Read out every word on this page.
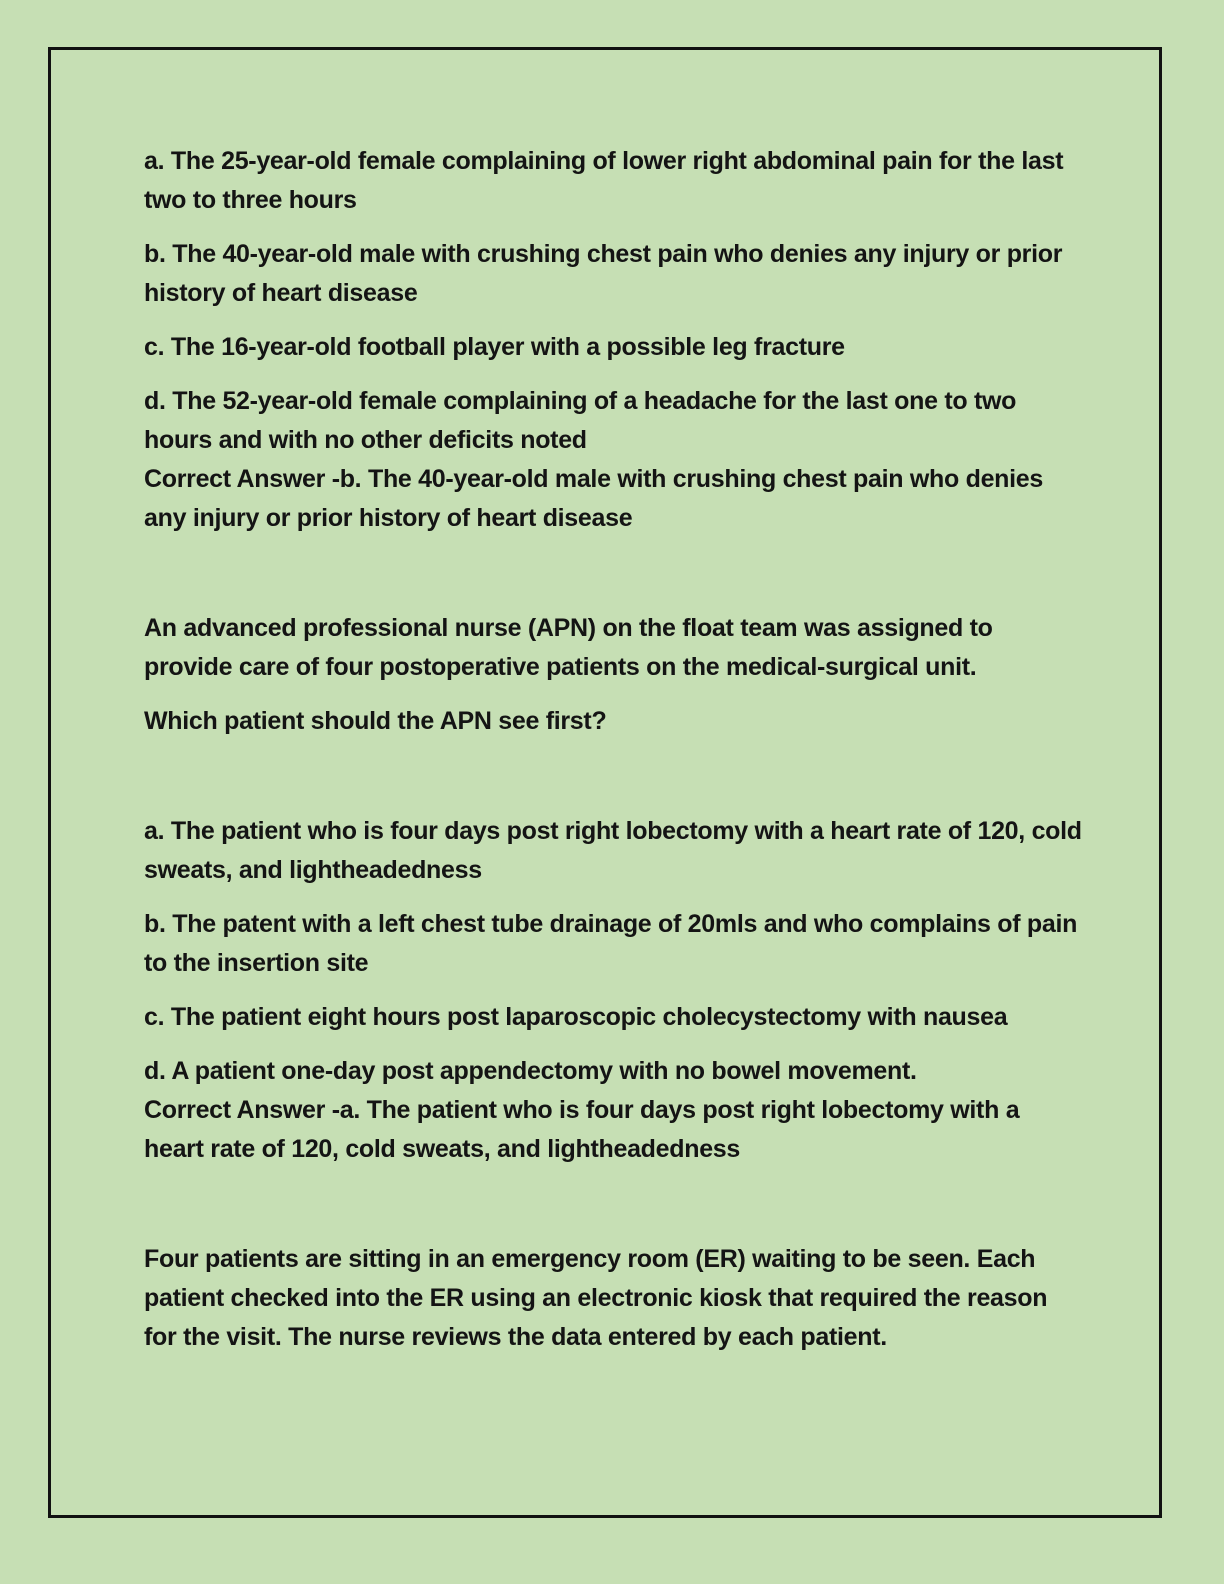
a. The 25-year-old female complaining of lower right abdominal pain for the last two to three hours

b. The 40-year-old male with crushing chest pain who denies any injury or prior history of heart disease

c. The 16-year-old football player with a possible leg fracture

d. The 52-year-old female complaining of a headache for the last one to two hours and with no other deficits noted

Correct Answer -b. The 40-year-old male with crushing chest pain who denies any injury or prior history of heart disease

An advanced professional nurse (APN) on the float team was assigned to provide care of four postoperative patients on the medical-surgical unit.

Which patient should the APN see first?

a. The patient who is four days post right lobectomy with a heart rate of 120, cold sweats, and lightheadedness

b. The patent with a left chest tube drainage of 20mls and who complains of pain to the insertion site

c. The patient eight hours post laparoscopic cholecystectomy with nausea

d. A patient one-day post appendectomy with no bowel movement.

Correct Answer -a. The patient who is four days post right lobectomy with a heart rate of 120, cold sweats, and lightheadedness

Four patients are sitting in an emergency room (ER) waiting to be seen. Each patient checked into the ER using an electronic kiosk that required the reason for the visit. The nurse reviews the data entered by each patient.
